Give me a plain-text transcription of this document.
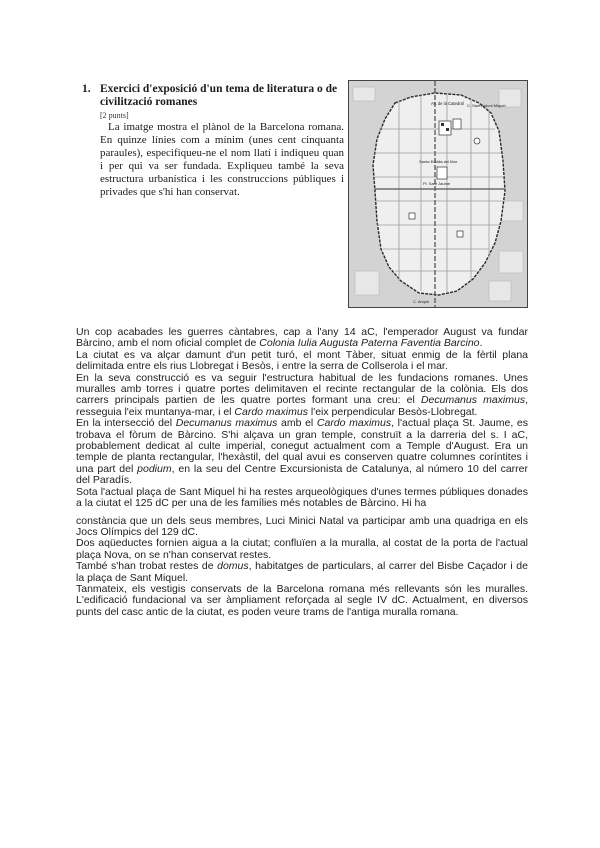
1. Exercici d'exposició d'un tema de literatura o de civilització romanes
[2 punts]
La imatge mostra el plànol de la Barcelona romana. En quinze línies com a mínim (unes cent cinquanta paraules), especifiqueu-ne el nom llatí i indiqueu quan i per qui va ser fundada. Expliqueu també la seva estructura urbanística i les construccions públiques i privades que s'hi han conservat.
Av. de la Catedral C. Sant Antoni Miquel
Santa Eulàlia del Mar
Pl. Sant Jaume
C. Ample

Un cop acabades les guerres càntabres, cap a l'any 14 aC, l'emperador August va fundar Bàrcino, amb el nom oficial complet de Colonia Iulia Augusta Paterna Faventia Barcino.

La ciutat es va alçar damunt d'un petit turó, el mont Tàber, situat enmig de la fèrtil plana delimitada entre els rius Llobregat i Besòs, i entre la serra de Collserola i el mar.

En la seva construcció es va seguir l'estructura habitual de les fundacions romanes. Unes muralles amb torres i quatre portes delimitaven el recinte rectangular de la colònia. Els dos carrers principals partien de les quatre portes formant una creu: el Decumanus maximus, resseguia l'eix muntanya-mar, i el Cardo maximus l'eix perpendicular Besòs-Llobregat.

En la intersecció del Decumanus maximus amb el Cardo maximus, l'actual plaça St. Jaume, es trobava el fòrum de Bàrcino. S'hi alçava un gran temple, construït a la darreria del s. I aC, probablement dedicat al culte imperial, conegut actualment com a Temple d'August. Era un temple de planta rectangular, l'hexàstil, del qual avui es conserven quatre columnes coríntites i una part del podium, en la seu del Centre Excursionista de Catalunya, al número 10 del carrer del Paradís.

Sota l'actual plaça de Sant Miquel hi ha restes arqueològiques d'unes termes públiques donades a la ciutat el 125 dC per una de les famílies més notables de Bàrcino. Hi ha

constància que un dels seus membres, Luci Minici Natal va participar amb una quadriga en els Jocs Olímpics del 129 dC.

Dos aqüeductes fornien aigua a la ciutat; confluïen a la muralla, al costat de la porta de l'actual plaça Nova, on se n'han conservat restes.

També s'han trobat restes de domus, habitatges de particulars, al carrer del Bisbe Caçador i de la plaça de Sant Miquel.

Tanmateix, els vestigis conservats de la Barcelona romana més rellevants són les muralles. L'edificació fundacional va ser àmpliament reforçada al segle IV dC. Actualment, en diversos punts del casc antic de la ciutat, es poden veure trams de l'antiga muralla romana.
